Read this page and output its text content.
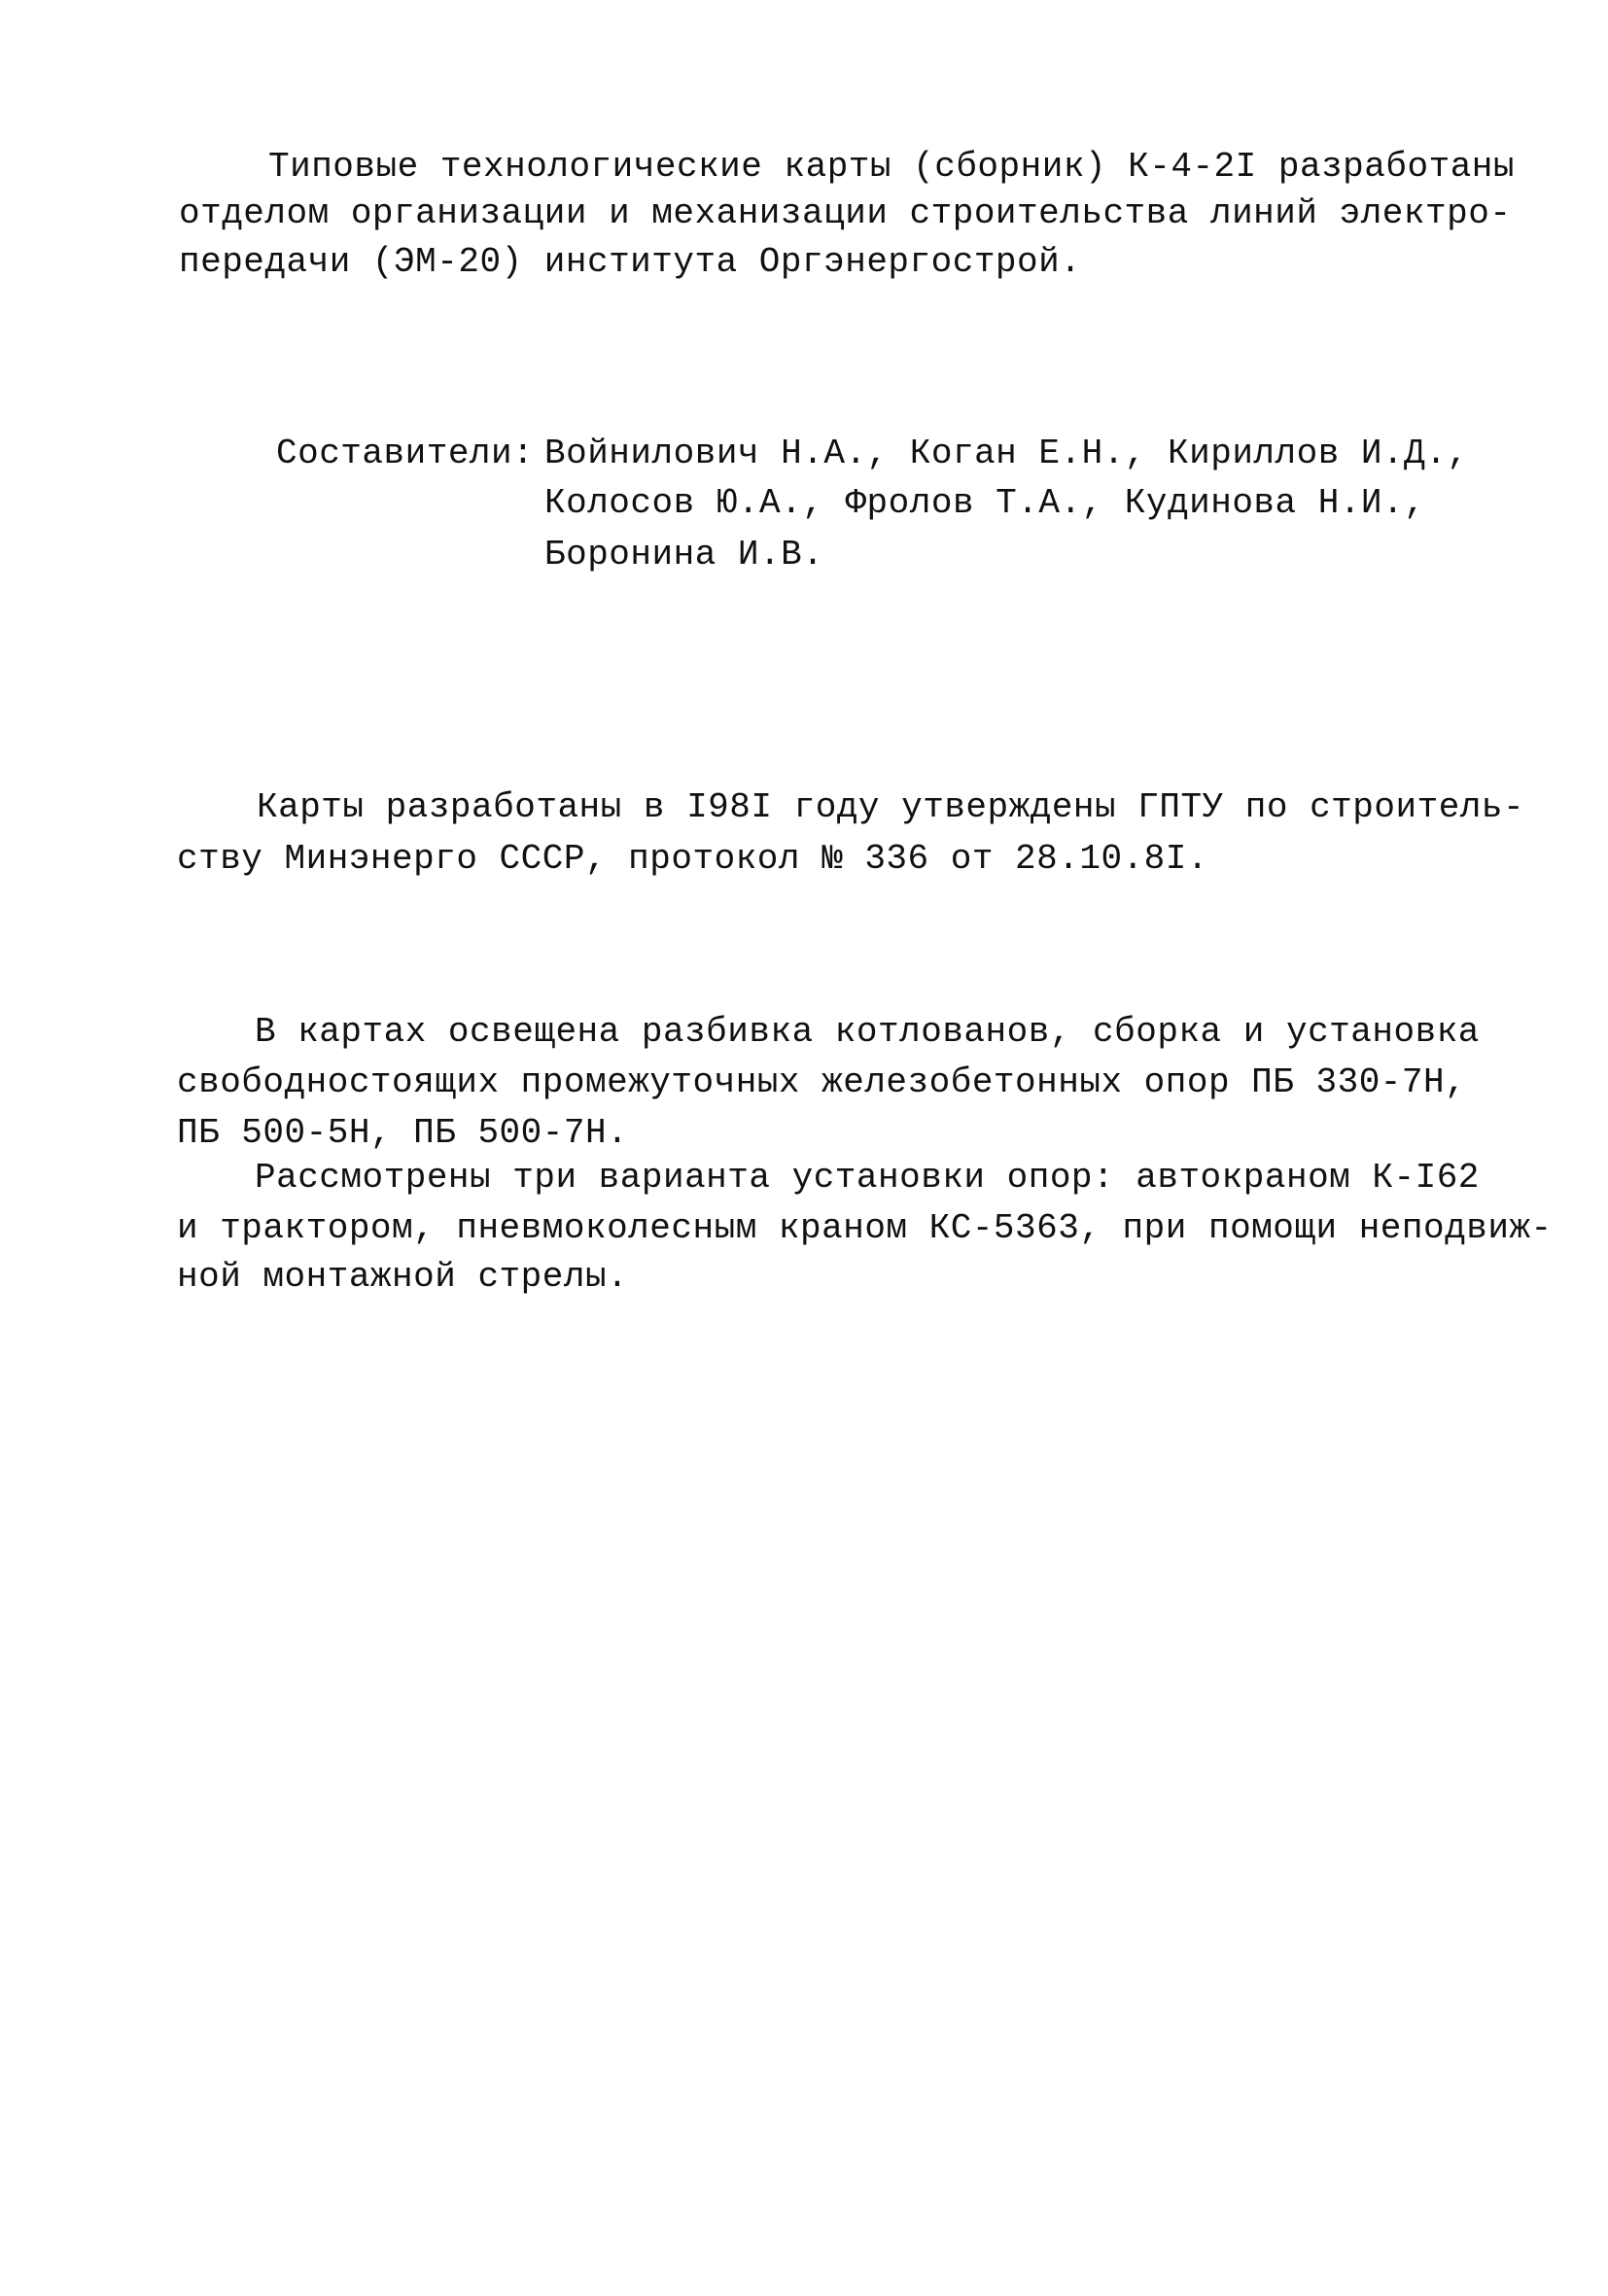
Типовые технологические карты (сборник) К-4-2I разработаны
отделом организации и механизации строительства линий электро-
передачи (ЭМ-20) института Оргэнергострой.
Составители: Войнилович Н.А., Коган Е.Н., Кириллов И.Д.,
Колосов Ю.А., Фролов Т.А., Кудинова Н.И.,
Боронина И.В.
Карты разработаны в I98I году утверждены ГПТУ по строитель-
ству Минэнерго СССР, протокол № 336 от 28.10.8I.
В картах освещена разбивка котлованов, сборка и установка
свободностоящих промежуточных железобетонных опор ПБ 330-7Н,
ПБ 500-5Н, ПБ 500-7Н.
Рассмотрены три варианта установки опор: автокраном К-I62
и трактором, пневмоколесным краном КС-5363, при помощи неподвиж-
ной монтажной стрелы.
